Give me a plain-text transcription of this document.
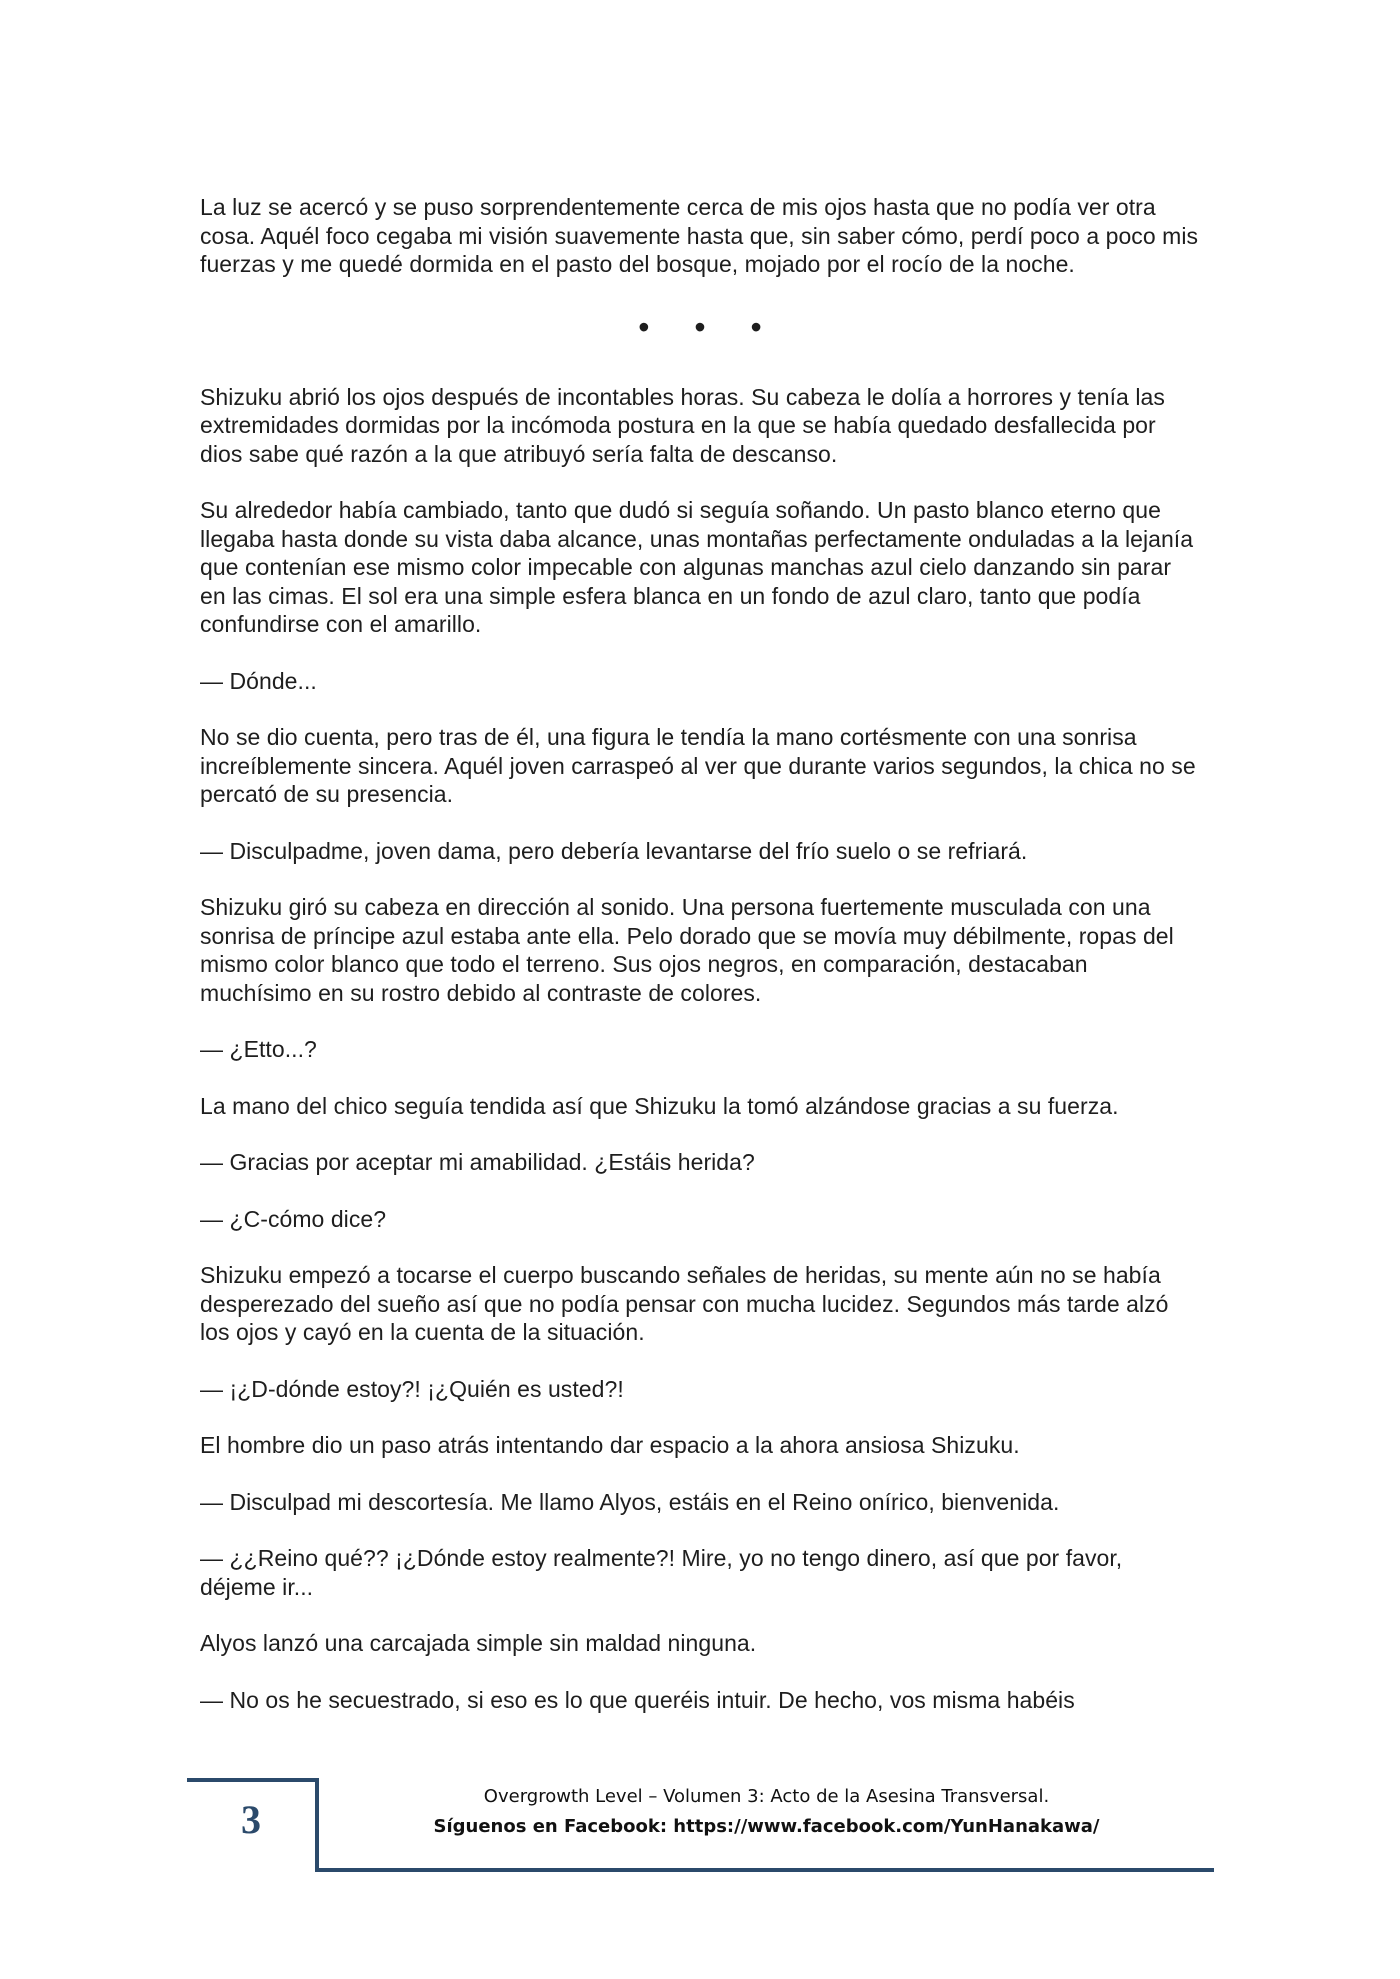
La luz se acercó y se puso sorprendentemente cerca de mis ojos hasta que no podía ver otra cosa. Aquél foco cegaba mi visión suavemente hasta que, sin saber cómo, perdí poco a poco mis fuerzas y me quedé dormida en el pasto del bosque, mojado por el rocío de la noche.

• • •

Shizuku abrió los ojos después de incontables horas. Su cabeza le dolía a horrores y tenía las extremidades dormidas por la incómoda postura en la que se había quedado desfallecida por dios sabe qué razón a la que atribuyó sería falta de descanso.

Su alrededor había cambiado, tanto que dudó si seguía soñando. Un pasto blanco eterno que llegaba hasta donde su vista daba alcance, unas montañas perfectamente onduladas a la lejanía que contenían ese mismo color impecable con algunas manchas azul cielo danzando sin parar en las cimas. El sol era una simple esfera blanca en un fondo de azul claro, tanto que podía confundirse con el amarillo.

— Dónde...

No se dio cuenta, pero tras de él, una figura le tendía la mano cortésmente con una sonrisa increíblemente sincera. Aquél joven carraspeó al ver que durante varios segundos, la chica no se percató de su presencia.

— Disculpadme, joven dama, pero debería levantarse del frío suelo o se refriará.

Shizuku giró su cabeza en dirección al sonido. Una persona fuertemente musculada con una sonrisa de príncipe azul estaba ante ella. Pelo dorado que se movía muy débilmente, ropas del mismo color blanco que todo el terreno. Sus ojos negros, en comparación, destacaban muchísimo en su rostro debido al contraste de colores.

— ¿Etto...?

La mano del chico seguía tendida así que Shizuku la tomó alzándose gracias a su fuerza.

— Gracias por aceptar mi amabilidad. ¿Estáis herida?

— ¿C-cómo dice?

Shizuku empezó a tocarse el cuerpo buscando señales de heridas, su mente aún no se había desperezado del sueño así que no podía pensar con mucha lucidez. Segundos más tarde alzó los ojos y cayó en la cuenta de la situación.

— ¡¿D-dónde estoy?! ¡¿Quién es usted?!

El hombre dio un paso atrás intentando dar espacio a la ahora ansiosa Shizuku.

— Disculpad mi descortesía. Me llamo Alyos, estáis en el Reino onírico, bienvenida.

— ¿¿Reino qué?? ¡¿Dónde estoy realmente?! Mire, yo no tengo dinero, así que por favor, déjeme ir...

Alyos lanzó una carcajada simple sin maldad ninguna.

— No os he secuestrado, si eso es lo que queréis intuir. De hecho, vos misma habéis

3
Overgrowth Level – Volumen 3: Acto de la Asesina Transversal.
Síguenos en Facebook: https://www.facebook.com/YunHanakawa/
